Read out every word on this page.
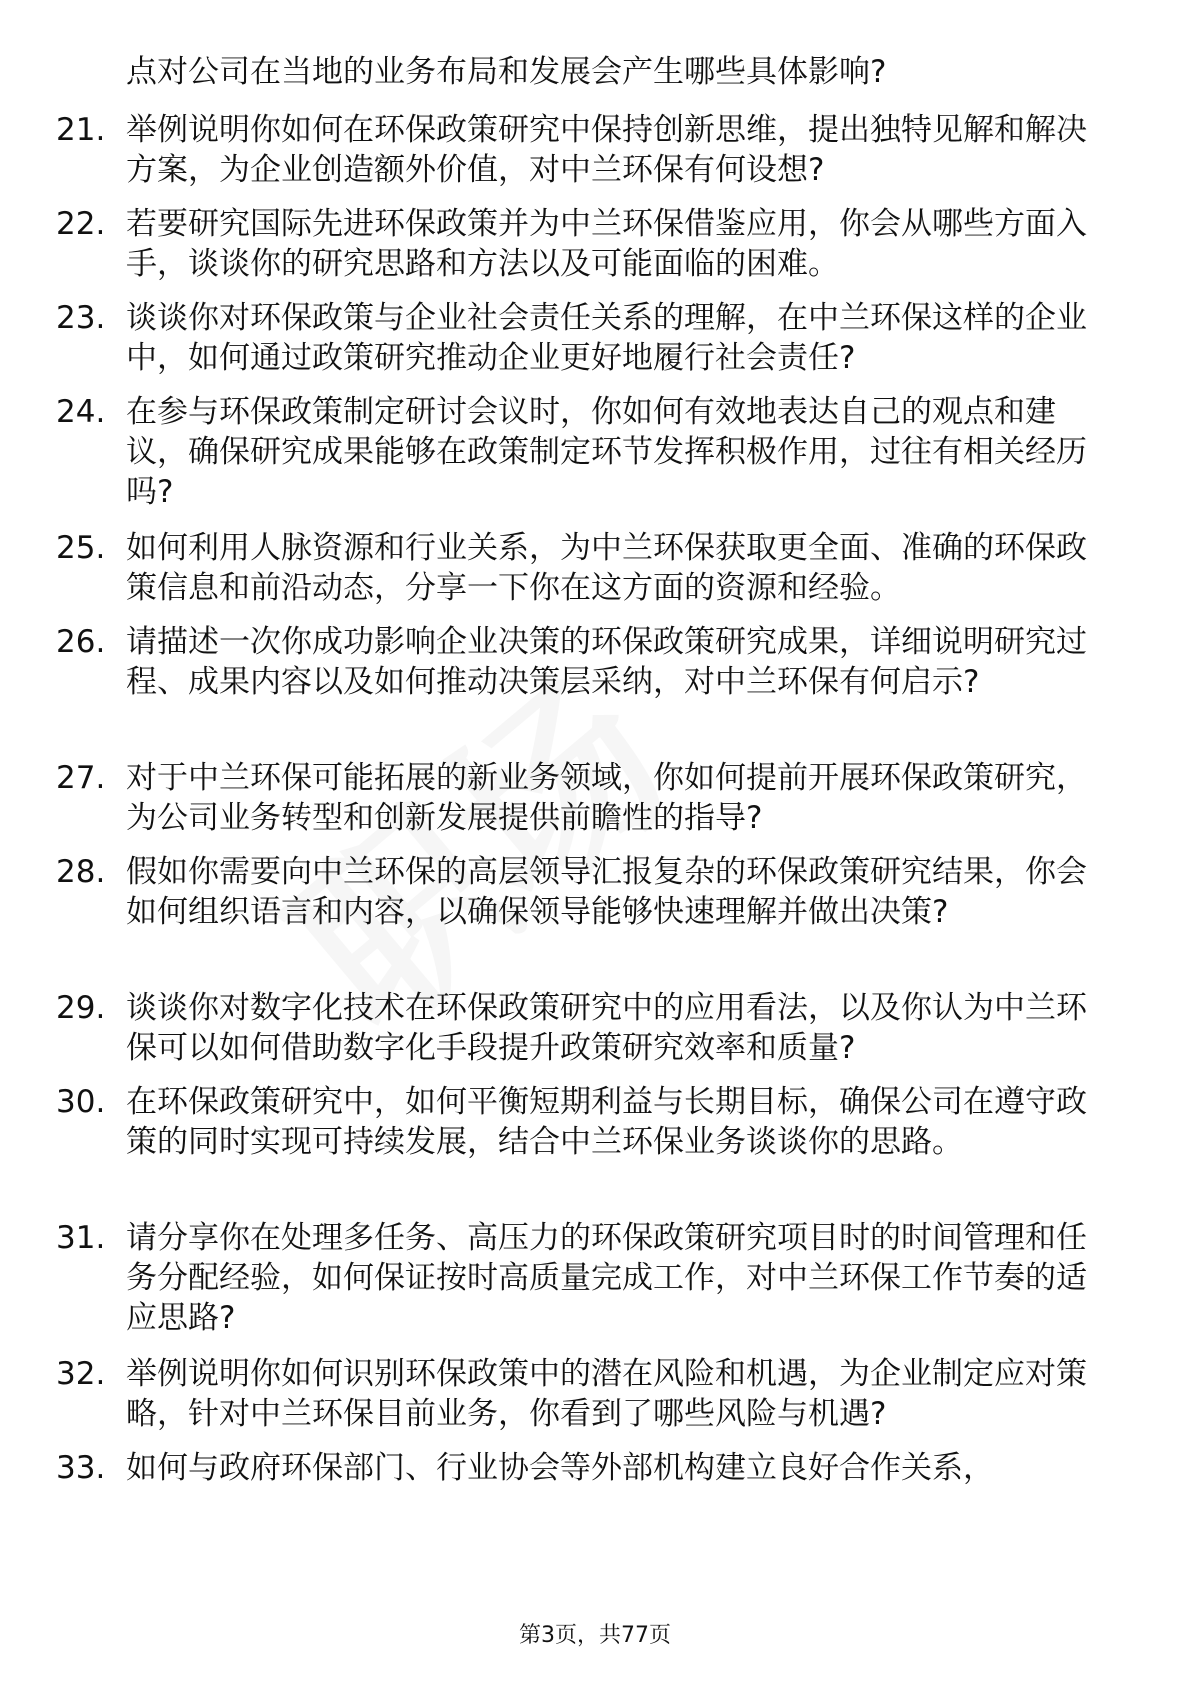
点对公司在当地的业务布局和发展会产生哪些具体影响?

21. 举例说明你如何在环保政策研究中保持创新思维，提出独特见解和解决方案，为企业创造额外价值，对中兰环保有何设想?

22. 若要研究国际先进环保政策并为中兰环保借鉴应用，你会从哪些方面入手，谈谈你的研究思路和方法以及可能面临的困难。

23. 谈谈你对环保政策与企业社会责任关系的理解，在中兰环保这样的企业中，如何通过政策研究推动企业更好地履行社会责任?

24. 在参与环保政策制定研讨会议时，你如何有效地表达自己的观点和建议，确保研究成果能够在政策制定环节发挥积极作用，过往有相关经历吗?

25. 如何利用人脉资源和行业关系，为中兰环保获取更全面、准确的环保政策信息和前沿动态，分享一下你在这方面的资源和经验。

26. 请描述一次你成功影响企业决策的环保政策研究成果，详细说明研究过程、成果内容以及如何推动决策层采纳，对中兰环保有何启示?

27. 对于中兰环保可能拓展的新业务领域，你如何提前开展环保政策研究，为公司业务转型和创新发展提供前瞻性的指导?

28. 假如你需要向中兰环保的高层领导汇报复杂的环保政策研究结果，你会如何组织语言和内容，以确保领导能够快速理解并做出决策?

29. 谈谈你对数字化技术在环保政策研究中的应用看法，以及你认为中兰环保可以如何借助数字化手段提升政策研究效率和质量?

30. 在环保政策研究中，如何平衡短期利益与长期目标，确保公司在遵守政策的同时实现可持续发展，结合中兰环保业务谈谈你的思路。

31. 请分享你在处理多任务、高压力的环保政策研究项目时的时间管理和任务分配经验，如何保证按时高质量完成工作，对中兰环保工作节奏的适应思路?

32. 举例说明你如何识别环保政策中的潜在风险和机遇，为企业制定应对策略，针对中兰环保目前业务，你看到了哪些风险与机遇?

33. 如何与政府环保部门、行业协会等外部机构建立良好合作关系，

第3页，共77页
